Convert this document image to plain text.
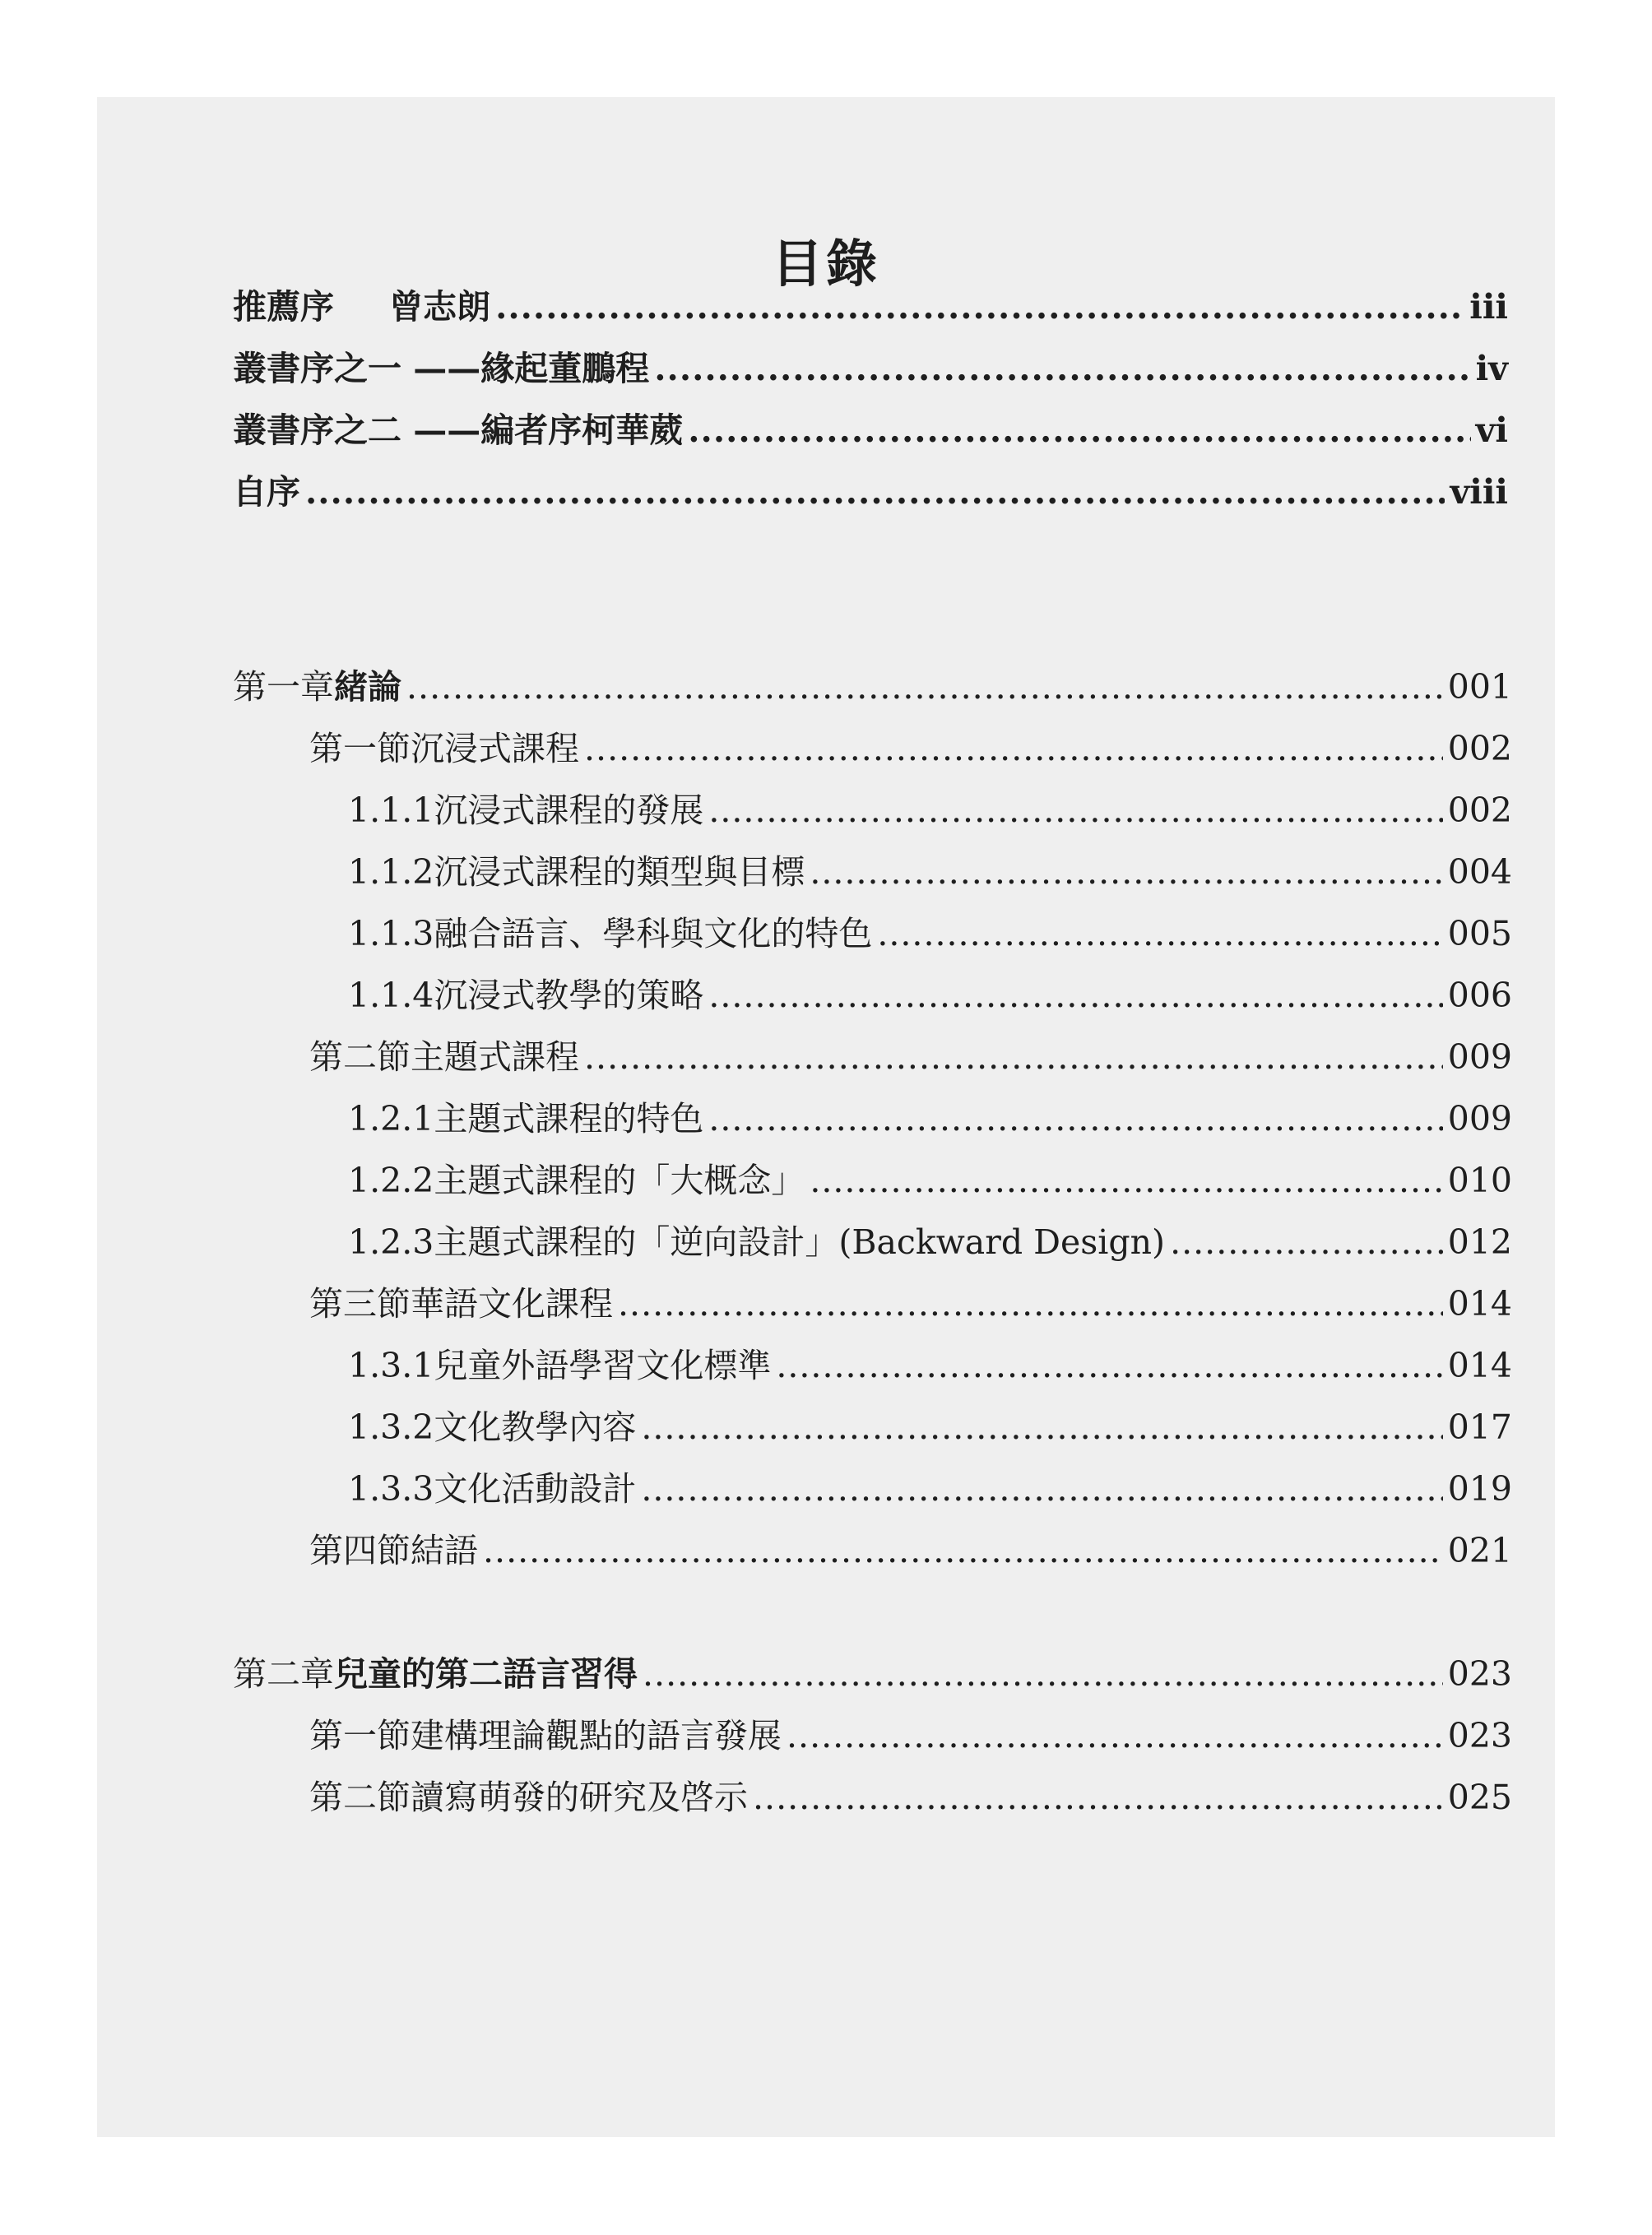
目錄
推薦序	曾志朗 .....	iii
叢書序之一 ——緣起 董鵬程 .....	iv
叢書序之二 ——編者序 柯華葳 .....	vi
自序 .....	viii
第一章 緒論 .....	001
第一節 沉浸式課程 .....	002
1.1.1 沉浸式課程的發展 .....	002
1.1.2 沉浸式課程的類型與目標 .....	004
1.1.3 融合語言、學科與文化的特色 .....	005
1.1.4 沉浸式教學的策略 .....	006
第二節 主題式課程 .....	009
1.2.1 主題式課程的特色 .....	009
1.2.2 主題式課程的「大概念」 .....	010
1.2.3 主題式課程的「逆向設計」(Backward Design) .....	012
第三節 華語文化課程 .....	014
1.3.1 兒童外語學習文化標準 .....	014
1.3.2 文化教學內容 .....	017
1.3.3 文化活動設計 .....	019
第四節 結語 .....	021
第二章 兒童的第二語言習得 .....	023
第一節 建構理論觀點的語言發展 .....	023
第二節 讀寫萌發的研究及啓示 .....	025
